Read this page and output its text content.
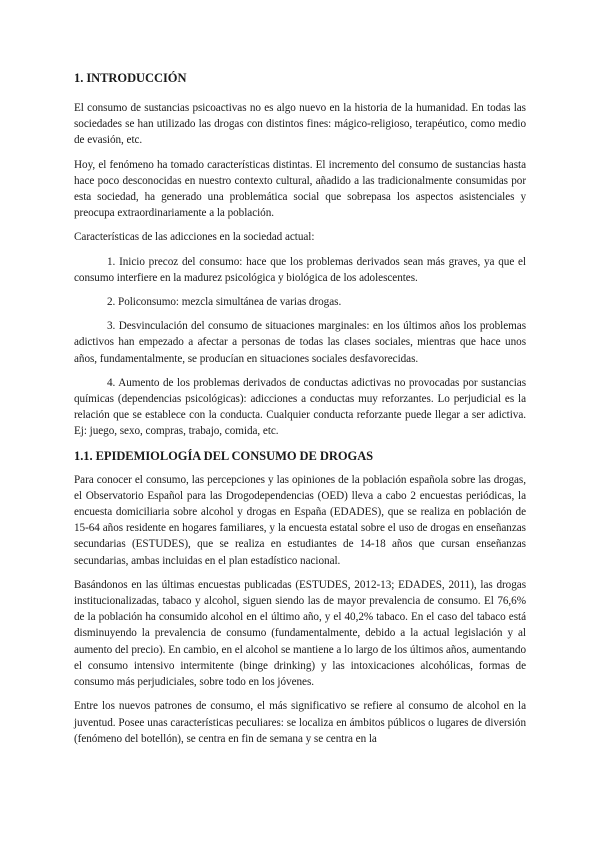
1. INTRODUCCIÓN

El consumo de sustancias psicoactivas no es algo nuevo en la historia de la humanidad. En todas las sociedades se han utilizado las drogas con distintos fines: mágico-religioso, terapéutico, como medio de evasión, etc.

Hoy, el fenómeno ha tomado características distintas. El incremento del consumo de sustancias hasta hace poco desconocidas en nuestro contexto cultural, añadido a las tradicionalmente consumidas por esta sociedad, ha generado una problemática social que sobrepasa los aspectos asistenciales y preocupa extraordinariamente a la población.

Características de las adicciones en la sociedad actual:

1. Inicio precoz del consumo: hace que los problemas derivados sean más graves, ya que el consumo interfiere en la madurez psicológica y biológica de los adolescentes.

2. Policonsumo: mezcla simultánea de varias drogas.

3. Desvinculación del consumo de situaciones marginales: en los últimos años los problemas adictivos han empezado a afectar a personas de todas las clases sociales, mientras que hace unos años, fundamentalmente, se producían en situaciones sociales desfavorecidas.

4. Aumento de los problemas derivados de conductas adictivas no provocadas por sustancias químicas (dependencias psicológicas): adicciones a conductas muy reforzantes. Lo perjudicial es la relación que se establece con la conducta. Cualquier conducta reforzante puede llegar a ser adictiva. Ej: juego, sexo, compras, trabajo, comida, etc.

1.1. EPIDEMIOLOGÍA DEL CONSUMO DE DROGAS

Para conocer el consumo, las percepciones y las opiniones de la población española sobre las drogas, el Observatorio Español para las Drogodependencias (OED) lleva a cabo 2 encuestas periódicas, la encuesta domiciliaria sobre alcohol y drogas en España (EDADES), que se realiza en población de 15-64 años residente en hogares familiares, y la encuesta estatal sobre el uso de drogas en enseñanzas secundarias (ESTUDES), que se realiza en estudiantes de 14-18 años que cursan enseñanzas secundarias, ambas incluidas en el plan estadístico nacional.

Basándonos en las últimas encuestas publicadas (ESTUDES, 2012-13; EDADES, 2011), las drogas institucionalizadas, tabaco y alcohol, siguen siendo las de mayor prevalencia de consumo. El 76,6% de la población ha consumido alcohol en el último año, y el 40,2% tabaco. En el caso del tabaco está disminuyendo la prevalencia de consumo (fundamentalmente, debido a la actual legislación y al aumento del precio). En cambio, en el alcohol se mantiene a lo largo de los últimos años, aumentando el consumo intensivo intermitente (binge drinking) y las intoxicaciones alcohólicas, formas de consumo más perjudiciales, sobre todo en los jóvenes.

Entre los nuevos patrones de consumo, el más significativo se refiere al consumo de alcohol en la juventud. Posee unas características peculiares: se localiza en ámbitos públicos o lugares de diversión (fenómeno del botellón), se centra en fin de semana y se centra en la
